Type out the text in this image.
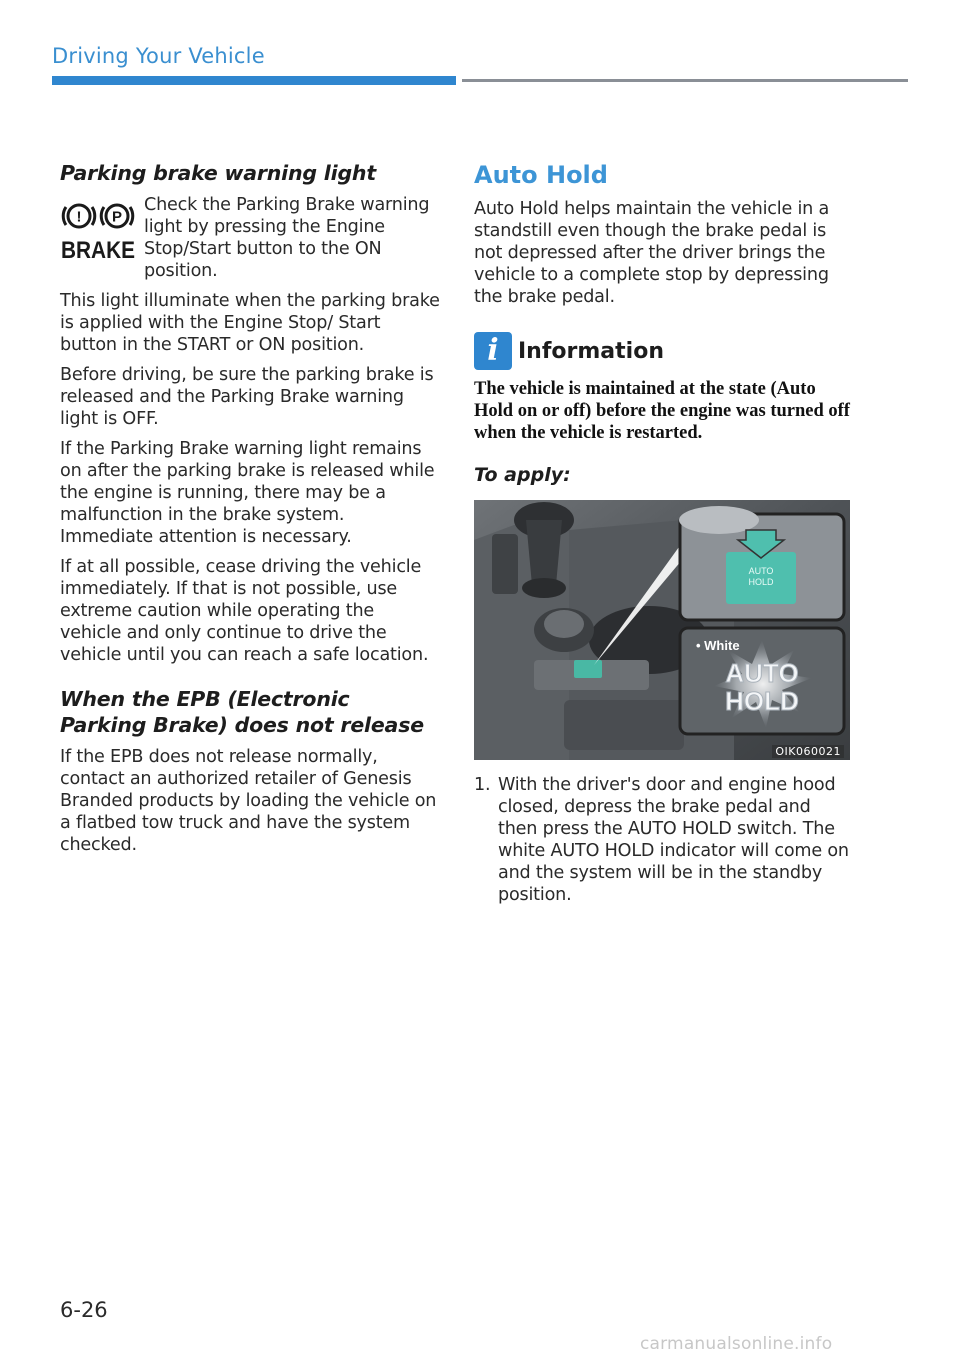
Driving Your Vehicle
Parking brake warning light
! P
BRAKE
Check the Parking Brake warning light by pressing the Engine Stop/Start button to the ON position.

This light illuminate when the parking brake is applied with the Engine Stop/ Start button in the START or ON position.

Before driving, be sure the parking brake is released and the Parking Brake warning light is OFF.

If the Parking Brake warning light remains on after the parking brake is released while the engine is running, there may be a malfunction in the brake system. Immediate attention is necessary.

If at all possible, cease driving the vehicle immediately. If that is not possible, use extreme caution while operating the vehicle and only continue to drive the vehicle until you can reach a safe location.

When the EPB (Electronic Parking Brake) does not release

If the EPB does not release normally, contact an authorized retailer of Genesis Branded products by loading the vehicle on a flatbed tow truck and have the system checked.

Auto Hold

Auto Hold helps maintain the vehicle in a standstill even though the brake pedal is not depressed after the driver brings the vehicle to a complete stop by depressing the brake pedal.

i Information
The vehicle is maintained at the state (Auto Hold on or off) before the engine was turned off when the vehicle is restarted.
To apply:
AUTO
HOLD
• White
AUTO
HOLD
OIK060021
1. With the driver's door and engine hood closed, depress the brake pedal and then press the AUTO HOLD switch. The white AUTO HOLD indicator will come on and the system will be in the standby position.
6-26
carmanualsonline.info
